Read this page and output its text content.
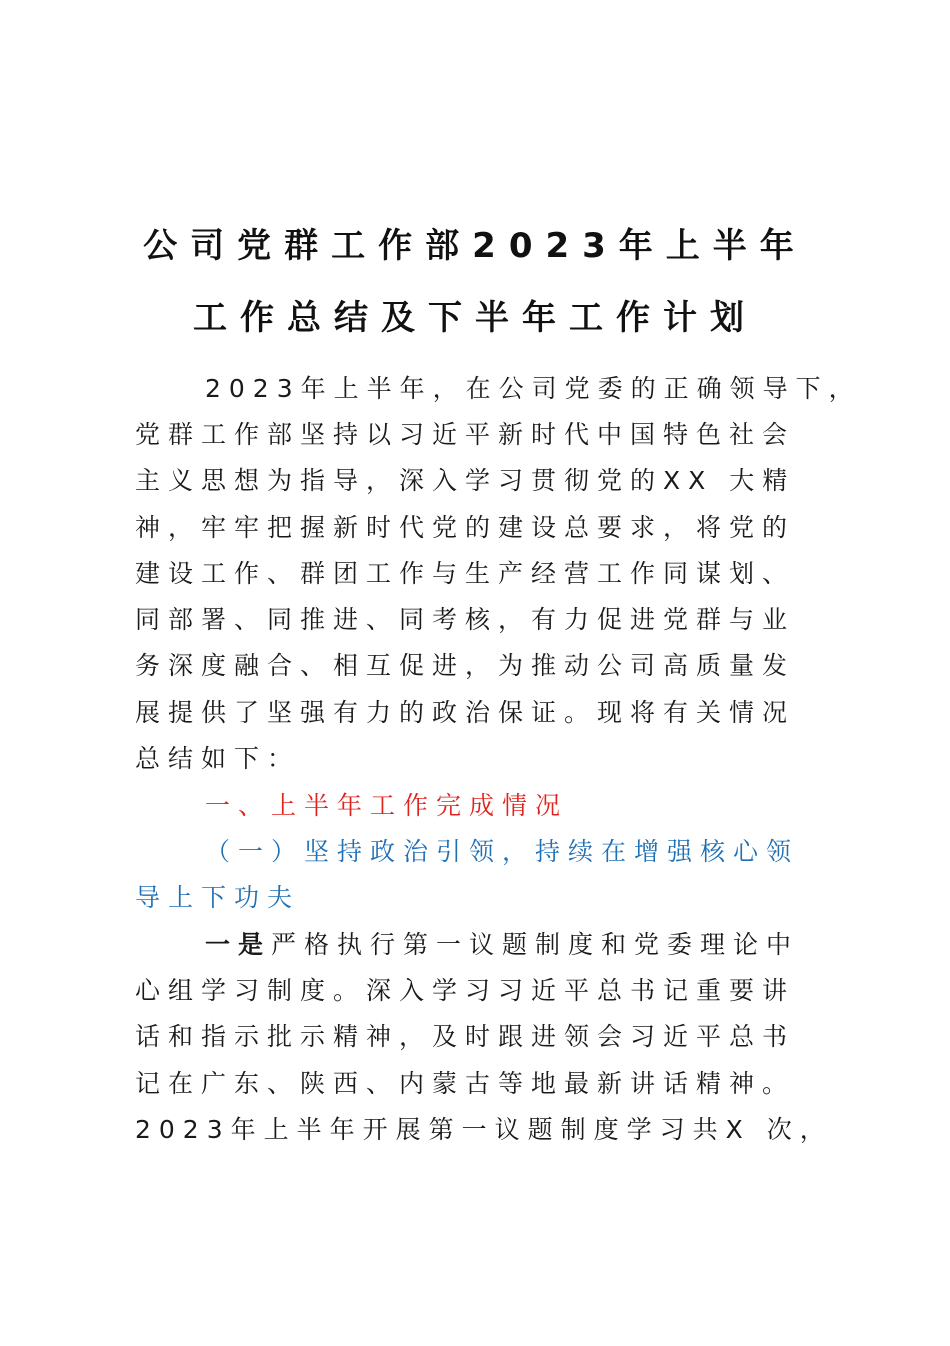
公司党群工作部2023年上半年
工作总结及下半年工作计划
2023年上半年，在公司党委的正确领导下，
党群工作部坚持以习近平新时代中国特色社会
主义思想为指导，深入学习贯彻党的XX 大精
神，牢牢把握新时代党的建设总要求，将党的
建设工作、群团工作与生产经营工作同谋划、
同部署、同推进、同考核，有力促进党群与业
务深度融合、相互促进，为推动公司高质量发
展提供了坚强有力的政治保证。现将有关情况
总结如下：
一、上半年工作完成情况
（一）坚持政治引领，持续在增强核心领
导上下功夫
一是严格执行第一议题制度和党委理论中
心组学习制度。深入学习习近平总书记重要讲
话和指示批示精神，及时跟进领会习近平总书
记在广东、陕西、内蒙古等地最新讲话精神。
2023年上半年开展第一议题制度学习共X 次，
